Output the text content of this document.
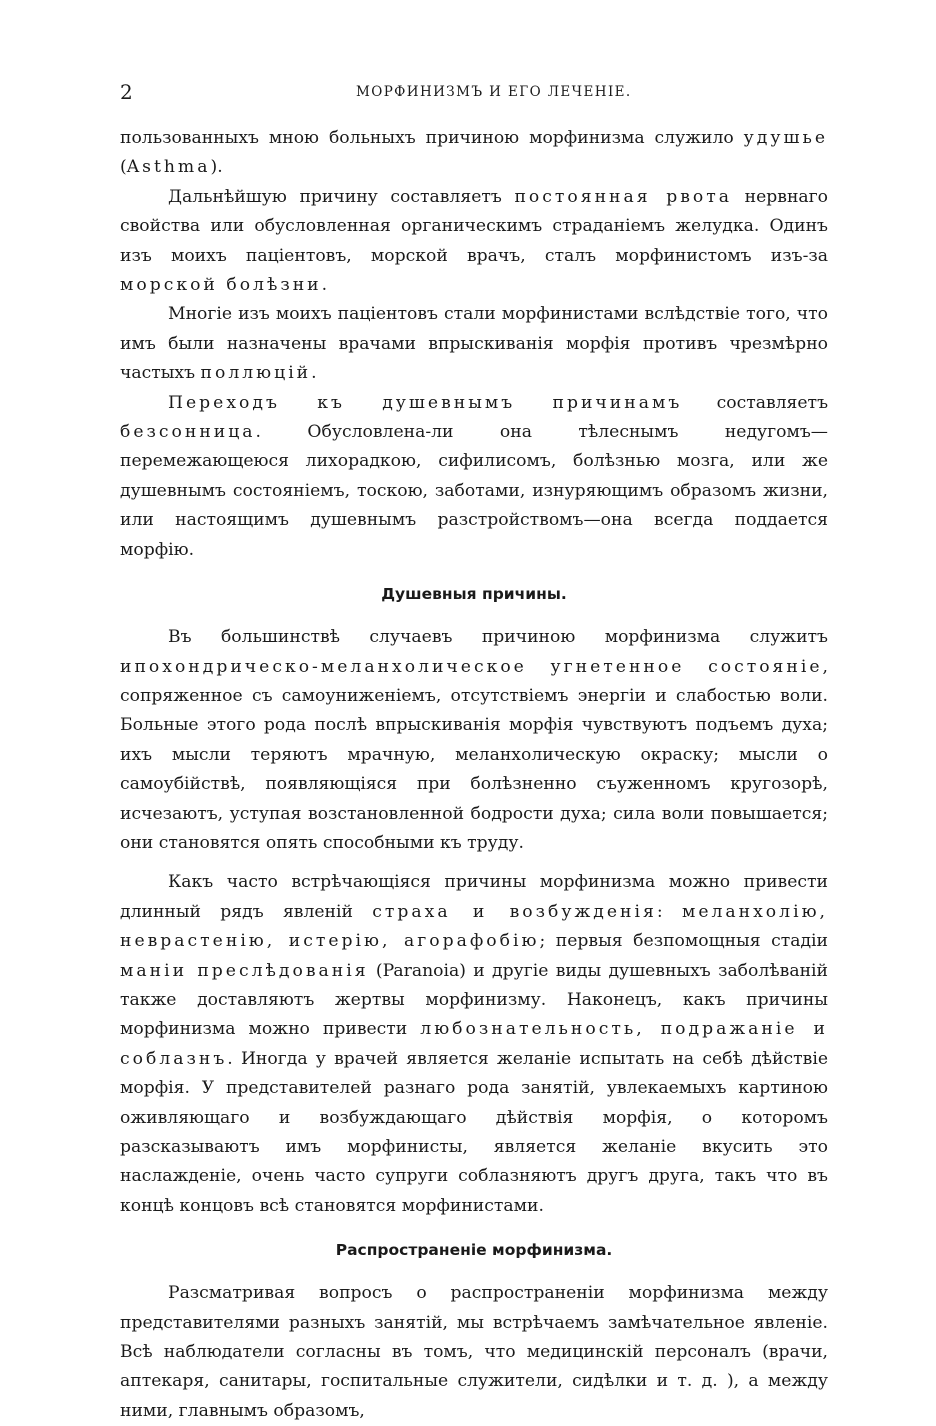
2	МОРФИНИЗМЪ И ЕГО ЛЕЧЕНІЕ.

пользованныхъ мною больныхъ причиною морфинизма служило удушье (Asthma).

Дальнѣйшую причину составляетъ постоянная рвота нервнаго свойства или обусловленная органическимъ страданіемъ желудка. Одинъ изъ моихъ паціентовъ, морской врачъ, сталъ морфинистомъ изъ-за морской болѣзни.

Многіе изъ моихъ паціентовъ стали морфинистами вслѣдствіе того, что имъ были назначены врачами впрыскиванія морфія противъ чрезмѣрно частыхъ поллюцій.

Переходъ къ душевнымъ причинамъ составляетъ безсонница. Обусловлена-ли она тѣлеснымъ недугомъ—перемежающеюся лихорадкою, сифилисомъ, болѣзнью мозга, или же душевнымъ состояніемъ, тоскою, заботами, изнуряющимъ образомъ жизни, или настоящимъ душевнымъ разстройствомъ—она всегда поддается морфію.

Душевныя причины.

Въ большинствѣ случаевъ причиною морфинизма служитъ ипохондрическо-меланхолическое угнетенное состояніе, сопряженное съ самоуниженіемъ, отсутствіемъ энергіи и слабостью воли. Больные этого рода послѣ впрыскиванія морфія чувствуютъ подъемъ духа; ихъ мысли теряютъ мрачную, меланхолическую окраску; мысли о самоубійствѣ, появляющіяся при болѣзненно съуженномъ кругозорѣ, исчезаютъ, уступая возстановленной бодрости духа; сила воли повышается; они становятся опять способными къ труду.

Какъ часто встрѣчающіяся причины морфинизма можно привести длинный рядъ явленій страха и возбужденія: меланхолію, неврастенію, истерію, агорафобію; первыя безпомощныя стадіи маніи преслѣдованія (Paranoia) и другіе виды душевныхъ заболѣваній также доставляютъ жертвы морфинизму. Наконецъ, какъ причины морфинизма можно привести любознательность, подражаніе и соблазнъ. Иногда у врачей является желаніе испытать на себѣ дѣйствіе морфія. У представителей разнаго рода занятій, увлекаемыхъ картиною оживляющаго и возбуждающаго дѣйствія морфія, о которомъ разсказываютъ имъ морфинисты, является желаніе вкусить это наслажденіе, очень часто супруги соблазняютъ другъ друга, такъ что въ концѣ концовъ всѣ становятся морфинистами.

Распространеніе морфинизма.

Разсматривая вопросъ о распространеніи морфинизма между представителями разныхъ занятій, мы встрѣчаемъ замѣчательное явленіе. Всѣ наблюдатели согласны въ томъ, что медицинскій персоналъ (врачи, аптекаря, санитары, госпитальные служители, сидѣлки и т. д. ), а между ними, главнымъ образомъ,
